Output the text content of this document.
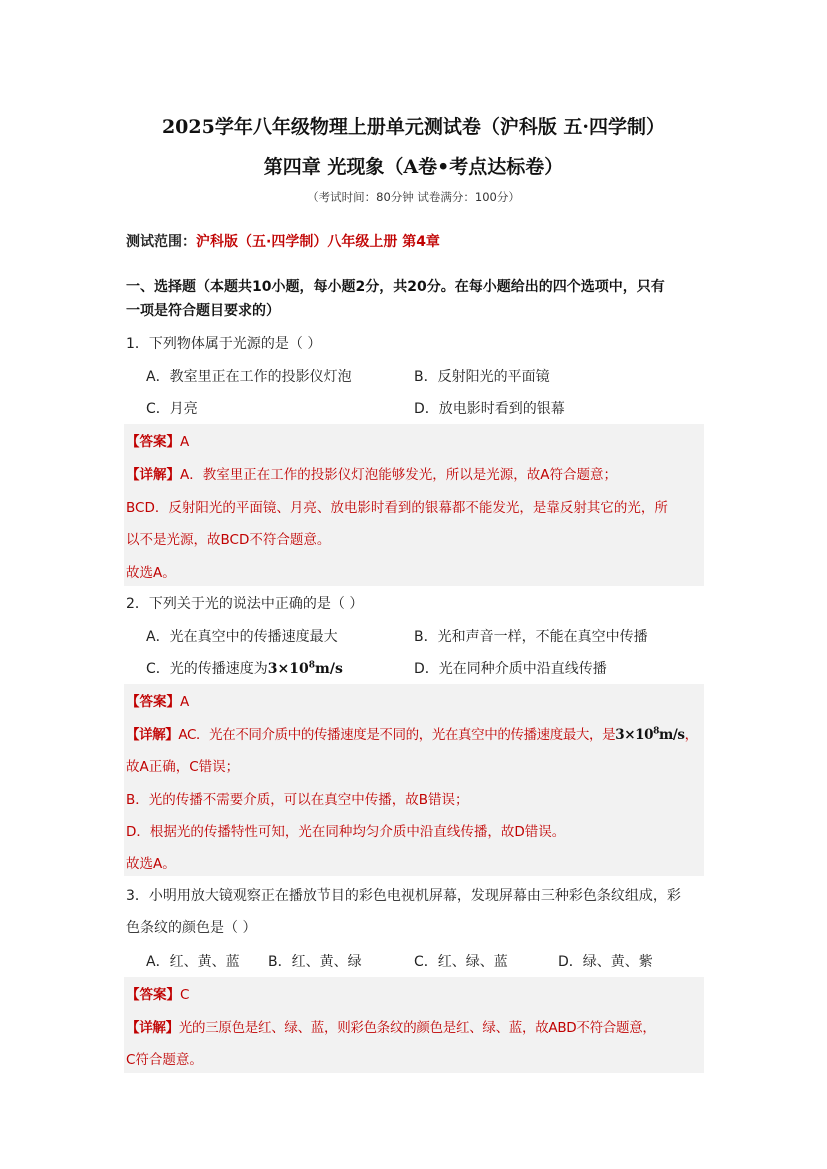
2025学年八年级物理上册单元测试卷（沪科版 五·四学制）
第四章 光现象（A卷•考点达标卷）
（考试时间：80分钟 试卷满分：100分）
测试范围：沪科版（五·四学制）八年级上册 第4章
一、选择题（本题共10小题，每小题2分，共20分。在每小题给出的四个选项中，只有
一项是符合题目要求的）
1．下列物体属于光源的是（ ）
A．教室里正在工作的投影仪灯泡	B．反射阳光的平面镜
C．月亮	D．放电影时看到的银幕
【答案】A
【详解】A．教室里正在工作的投影仪灯泡能够发光，所以是光源，故A符合题意；
BCD．反射阳光的平面镜、月亮、放电影时看到的银幕都不能发光，是靠反射其它的光，所
以不是光源，故BCD不符合题意。
故选A。
2．下列关于光的说法中正确的是（ ）
A．光在真空中的传播速度最大	B．光和声音一样，不能在真空中传播
C．光的传播速度为$3\times 10^8m/s$	D．光在同种介质中沿直线传播
【答案】A
【详解】AC．光在不同介质中的传播速度是不同的，光在真空中的传播速度最大，是$3\times 10^8m/s$，
故A正确，C错误；
B．光的传播不需要介质，可以在真空中传播，故B错误；
D．根据光的传播特性可知，光在同种均匀介质中沿直线传播，故D错误。
故选A。
3．小明用放大镜观察正在播放节目的彩色电视机屏幕，发现屏幕由三种彩色条纹组成，彩
色条纹的颜色是（ ）
A．红、黄、蓝 B．红、黄、绿	C．红、绿、蓝	D．绿、黄、紫
【答案】C
【详解】光的三原色是红、绿、蓝，则彩色条纹的颜色是红、绿、蓝，故ABD不符合题意，
C符合题意。
